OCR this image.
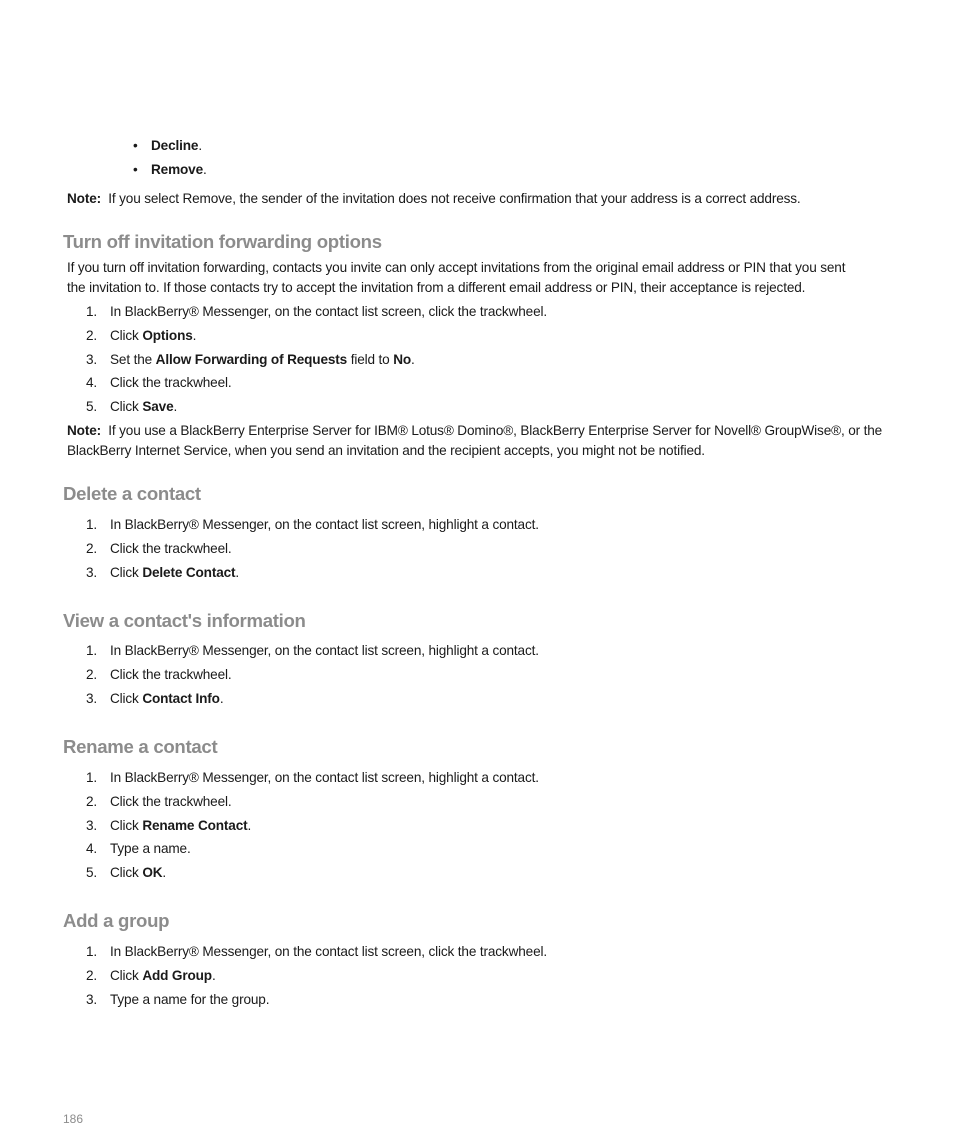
• Decline.
• Remove.
Note: If you select Remove, the sender of the invitation does not receive confirmation that your address is a correct address.
Turn off invitation forwarding options
If you turn off invitation forwarding, contacts you invite can only accept invitations from the original email address or PIN that you sent
the invitation to. If those contacts try to accept the invitation from a different email address or PIN, their acceptance is rejected.
1. In BlackBerry® Messenger, on the contact list screen, click the trackwheel.
2. Click Options.
3. Set the Allow Forwarding of Requests field to No.
4. Click the trackwheel.
5. Click Save.
Note: If you use a BlackBerry Enterprise Server for IBM® Lotus® Domino®, BlackBerry Enterprise Server for Novell® GroupWise®, or the
BlackBerry Internet Service, when you send an invitation and the recipient accepts, you might not be notified.
Delete a contact
1. In BlackBerry® Messenger, on the contact list screen, highlight a contact.
2. Click the trackwheel.
3. Click Delete Contact.
View a contact's information
1. In BlackBerry® Messenger, on the contact list screen, highlight a contact.
2. Click the trackwheel.
3. Click Contact Info.
Rename a contact
1. In BlackBerry® Messenger, on the contact list screen, highlight a contact.
2. Click the trackwheel.
3. Click Rename Contact.
4. Type a name.
5. Click OK.
Add a group
1. In BlackBerry® Messenger, on the contact list screen, click the trackwheel.
2. Click Add Group.
3. Type a name for the group.
186
